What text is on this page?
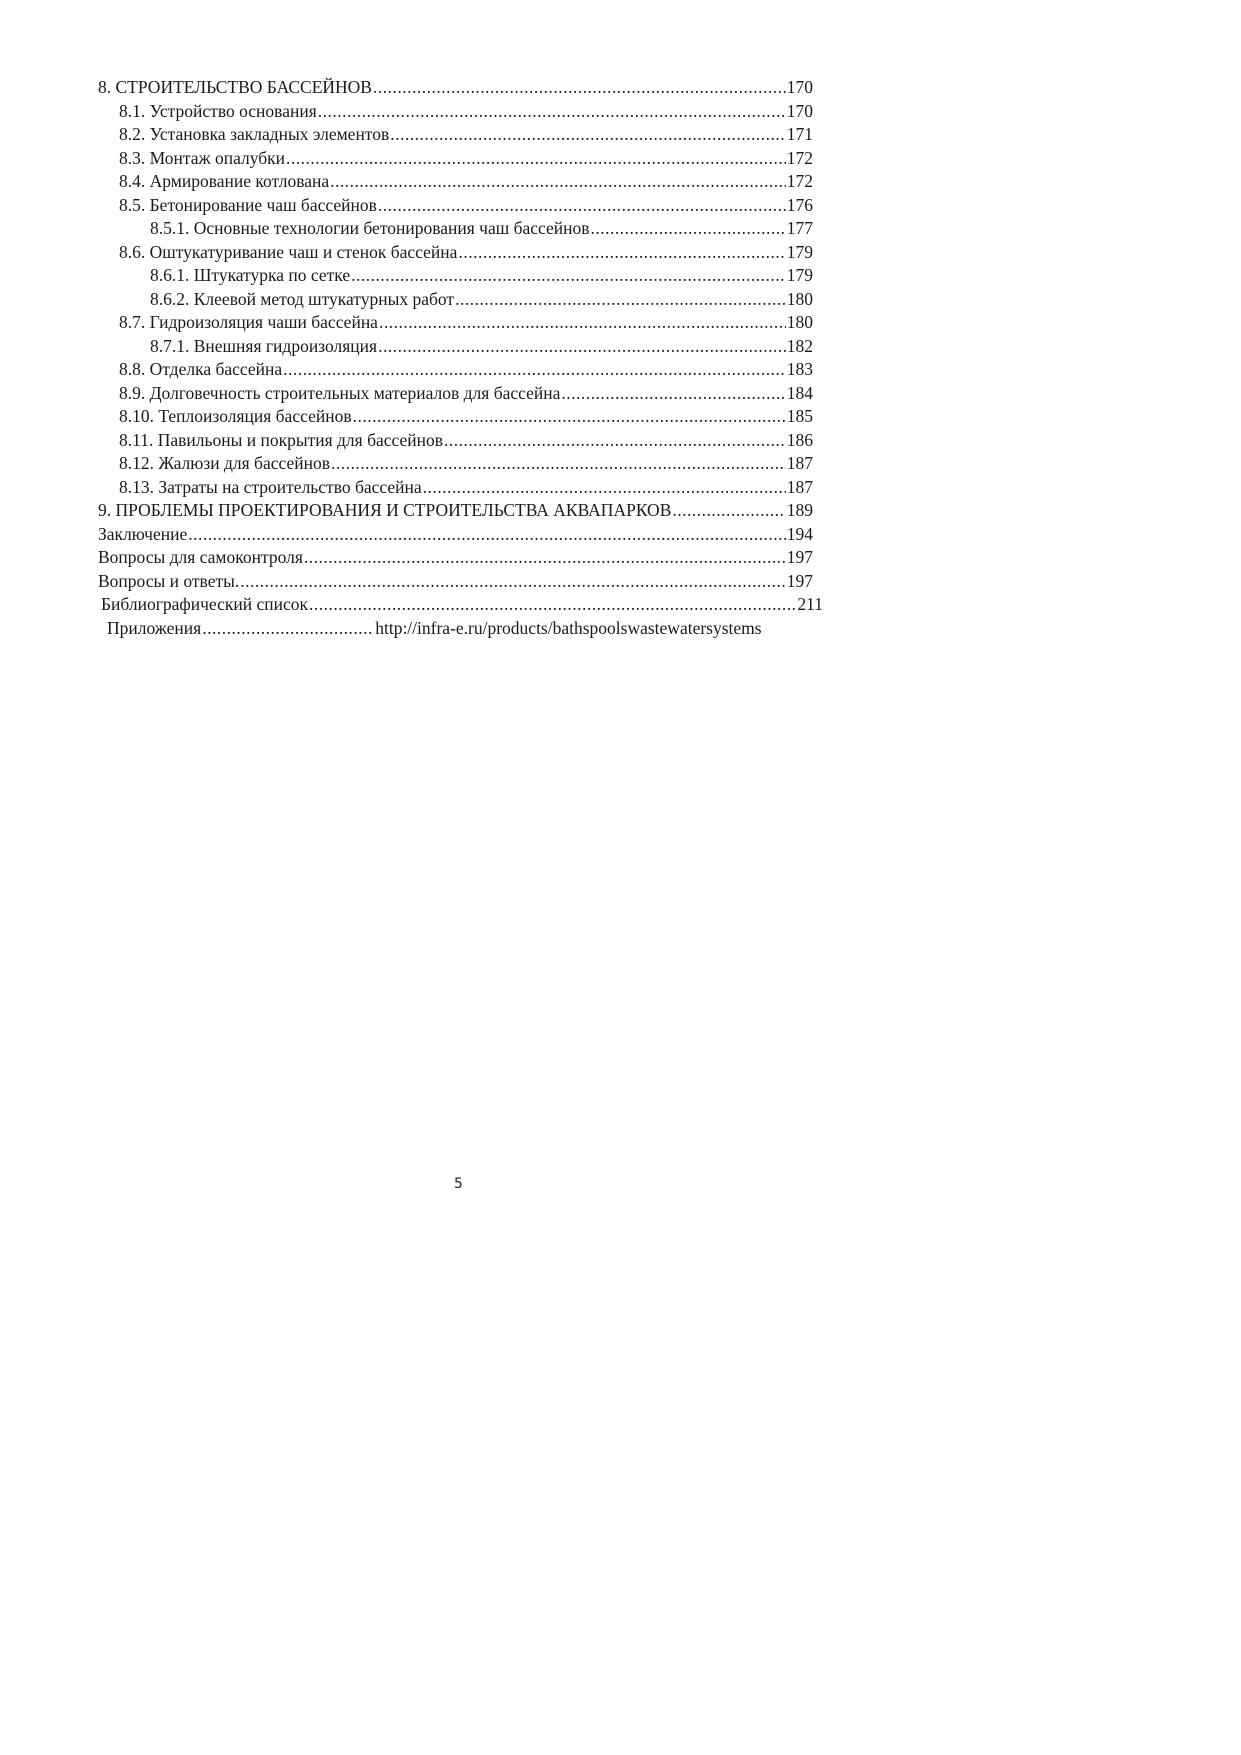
8. СТРОИТЕЛЬСТВО БАССЕЙНОВ .....	170
8.1. Устройство основания .....	170
8.2. Установка закладных элементов .....	171
8.3. Монтаж опалубки .....	172
8.4. Армирование котлована .....	172
8.5. Бетонирование чаш бассейнов .....	176
8.5.1. Основные технологии бетонирования чаш бассейнов .....	177
8.6. Оштукатуривание чаш и стенок бассейна .....	179
8.6.1. Штукатурка по сетке .....	179
8.6.2. Клеевой метод штукатурных работ .....	180
8.7. Гидроизоляция чаши бассейна .....	180
8.7.1. Внешняя гидроизоляция .....	182
8.8. Отделка бассейна .....	183
8.9. Долговечность строительных материалов для бассейна .....	184
8.10. Теплоизоляция бассейнов .....	185
8.11. Павильоны и покрытия для бассейнов .....	186
8.12. Жалюзи для бассейнов .....	187
8.13. Затраты на строительство бассейна .....	187
9. ПРОБЛЕМЫ ПРОЕКТИРОВАНИЯ И СТРОИТЕЛЬСТВА АКВАПАРКОВ .....	189
Заключение .....	194
Вопросы для самоконтроля .....	197
Вопросы и ответы. .....	197
Библиографический список .....	211
Приложения .....	http://infra-e.ru/products/bathspoolswastewatersystems
5
